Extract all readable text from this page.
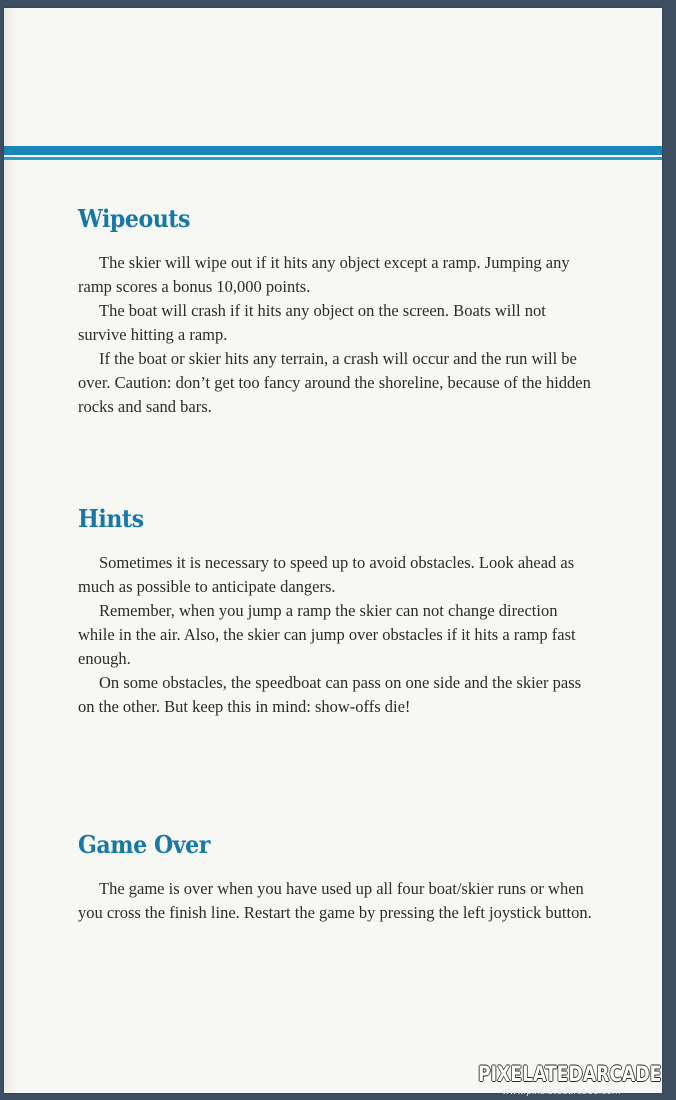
Wipeouts

The skier will wipe out if it hits any object except a ramp. Jumping any ramp scores a bonus 10,000 points.

The boat will crash if it hits any object on the screen. Boats will not survive hitting a ramp.

If the boat or skier hits any terrain, a crash will occur and the run will be over. Caution: don’t get too fancy around the shoreline, because of the hidden rocks and sand bars.

Hints

Sometimes it is necessary to speed up to avoid obstacles. Look ahead as much as possible to anticipate dangers.

Remember, when you jump a ramp the skier can not change direction while in the air. Also, the skier can jump over obstacles if it hits a ramp fast enough.

On some obstacles, the speedboat can pass on one side and the skier pass on the other. But keep this in mind: show-offs die!

Game Over

The game is over when you have used up all four boat/skier runs or when you cross the finish line. Restart the game by pressing the left joystick button.

PIXELATEDARCADE
www.pixelatedarcade.com
